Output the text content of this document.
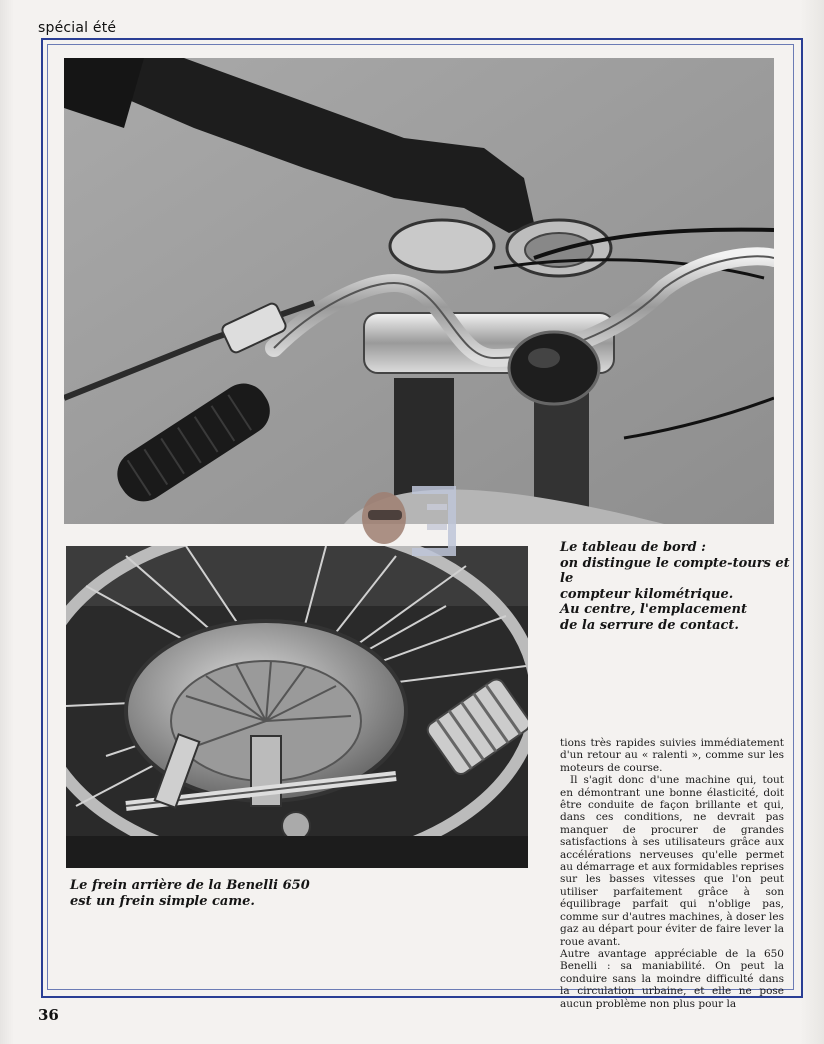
spécial été
Le tableau de bord :
on distingue le compte-tours et le
compteur kilométrique.
Au centre, l'emplacement
de la serrure de contact.
Le frein arrière de la Benelli 650
est un frein simple came.

tions très rapides suivies immédiatement d'un retour au « ralenti », comme sur les moteurs de course.

Il s'agit donc d'une machine qui, tout en démontrant une bonne élasticité, doit être conduite de façon brillante et qui, dans ces conditions, ne devrait pas manquer de procurer de grandes satisfactions à ses utilisateurs grâce aux accélérations nerveuses qu'elle permet au démarrage et aux formidables reprises sur les basses vitesses que l'on peut utiliser parfaitement grâce à son équilibrage parfait qui n'oblige pas, comme sur d'autres machines, à doser les gaz au départ pour éviter de faire lever la roue avant.

Autre avantage appréciable de la 650 Benelli : sa maniabilité. On peut la conduire sans la moindre difficulté dans la circulation urbaine, et elle ne pose aucun problème non plus pour la

36
